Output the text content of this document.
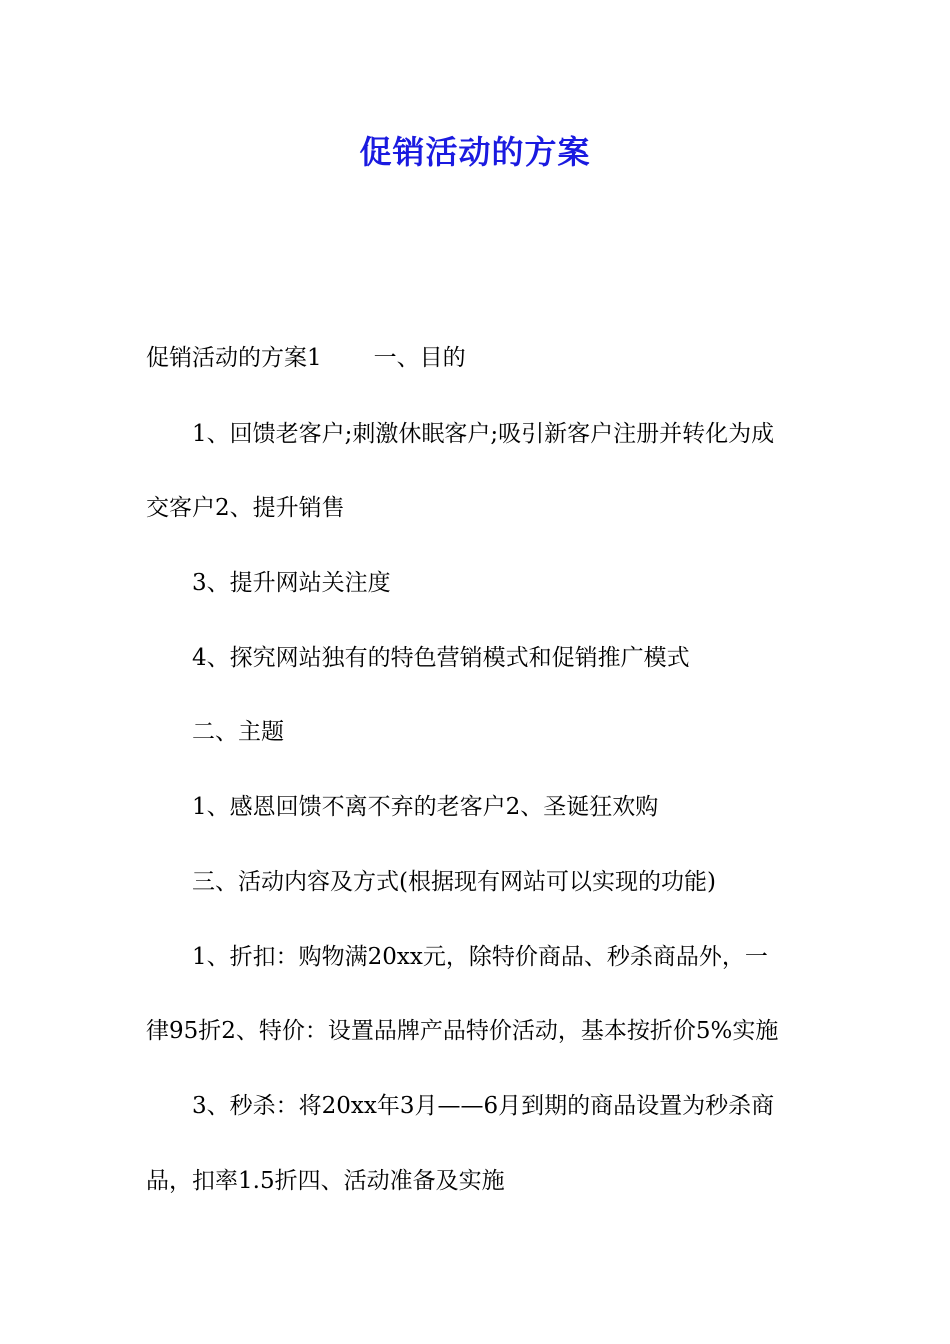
促销活动的方案
促销活动的方案1 一、目的
1、回馈老客户;刺激休眠客户;吸引新客户注册并转化为成
交客户2、提升销售
3、提升网站关注度
4、探究网站独有的特色营销模式和促销推广模式
二、主题
1、感恩回馈不离不弃的老客户2、圣诞狂欢购
三、活动内容及方式(根据现有网站可以实现的功能)
1、折扣：购物满20xx元，除特价商品、秒杀商品外，一
律95折2、特价：设置品牌产品特价活动，基本按折价5%实施
3、秒杀：将20xx年3月——6月到期的商品设置为秒杀商
品，扣率1.5折四、活动准备及实施
